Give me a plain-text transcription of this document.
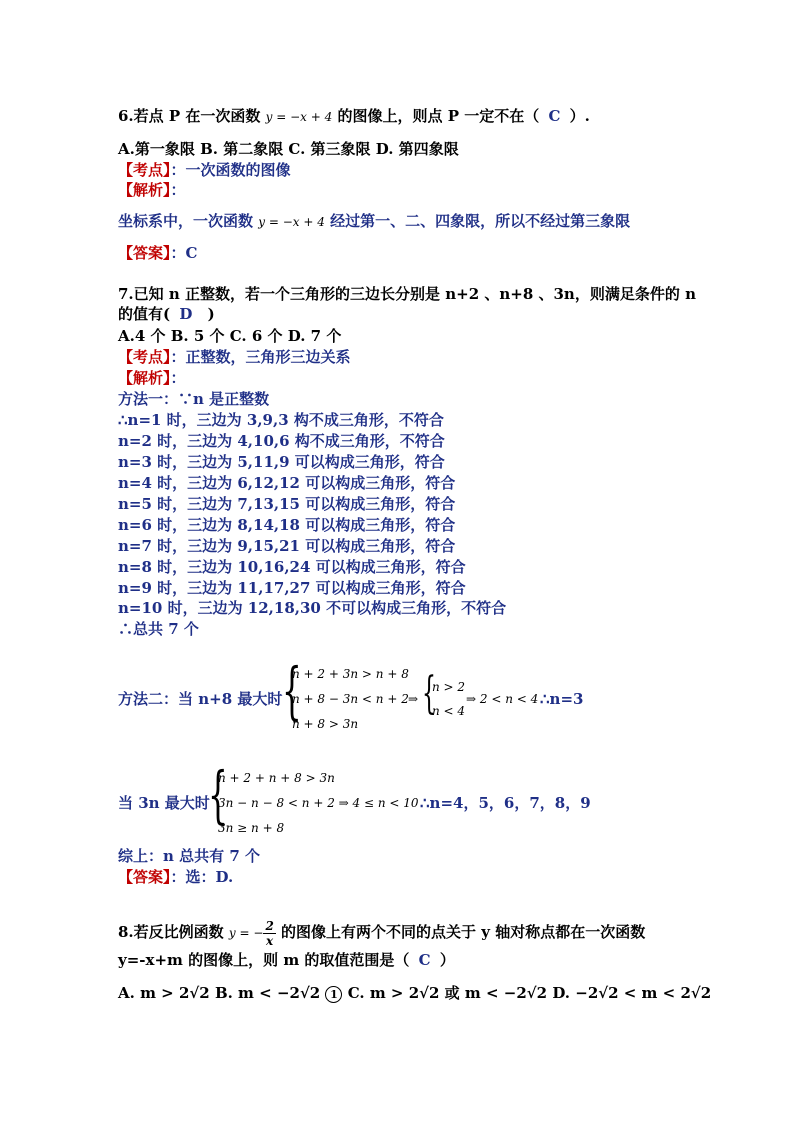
6.若点 P 在一次函数 y = −x + 4 的图像上，则点 P 一定不在（ C ）.
A.第一象限 B. 第二象限 C. 第三象限 D. 第四象限
【考点】：一次函数的图像
【解析】：
坐标系中，一次函数 y = −x + 4 经过第一、二、四象限，所以不经过第三象限
【答案】：C
7.已知 n 正整数，若一个三角形的三边长分别是 n+2 、n+8 、3n，则满足条件的 n
的值有( D )
A.4 个 B. 5 个 C. 6 个 D. 7 个
【考点】：正整数，三角形三边关系
【解析】：
方法一：∵n 是正整数
∴n=1 时，三边为 3,9,3 构不成三角形，不符合
n=2 时，三边为 4,10,6 构不成三角形，不符合
n=3 时，三边为 5,11,9 可以构成三角形，符合
n=4 时，三边为 6,12,12 可以构成三角形，符合
n=5 时，三边为 7,13,15 可以构成三角形，符合
n=6 时，三边为 8,14,18 可以构成三角形，符合
n=7 时，三边为 9,15,21 可以构成三角形，符合
n=8 时，三边为 10,16,24 可以构成三角形，符合
n=9 时，三边为 11,17,27 可以构成三角形，符合
n=10 时，三边为 12,18,30 不可以构成三角形，不符合
∴总共 7 个
方法二：当 n+8 最大时 {
n + 2 + 3n > n + 8
n + 8 − 3n < n + 2
n + 8 > 3n
⇒ {
n > 2
n < 4
⇒ 2 < n < 4 ∴n=3
当 3n 最大时
{
n + 2 + n + 8 > 3n
3n − n − 8 < n + 2 ⇒ 4 ≤ n < 10
3n ≥ n + 8
∴n=4，5，6，7，8，9
综上：n 总共有 7 个
【答案】：选：D.
8.若反比例函数 y = − $\frac{2}{x}$ 的图像上有两个不同的点关于 y 轴对称点都在一次函数
y=-x+m 的图像上，则 m 的取值范围是（ C ）
A. m > 2√2 B. m < −2√2 1 C. m > 2√2 或 m < −2√2 D. −2√2 < m < 2√2
